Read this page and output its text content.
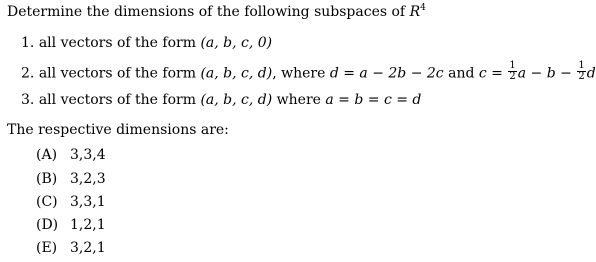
Determine the dimensions of the following subspaces of $R^4$
1. all vectors of the form (a, b, c, 0)
2. all vectors of the form (a, b, c, d), where d = a − 2b − 2c and $c = \frac{1}{2}$ $a - b - \frac{1}{2}$ d
3. all vectors of the form (a, b, c, d) where a = b = c = d
The respective dimensions are:
(A) 3,3,4
(B) 3,2,3
(C) 3,3,1
(D) 1,2,1
(E) 3,2,1
